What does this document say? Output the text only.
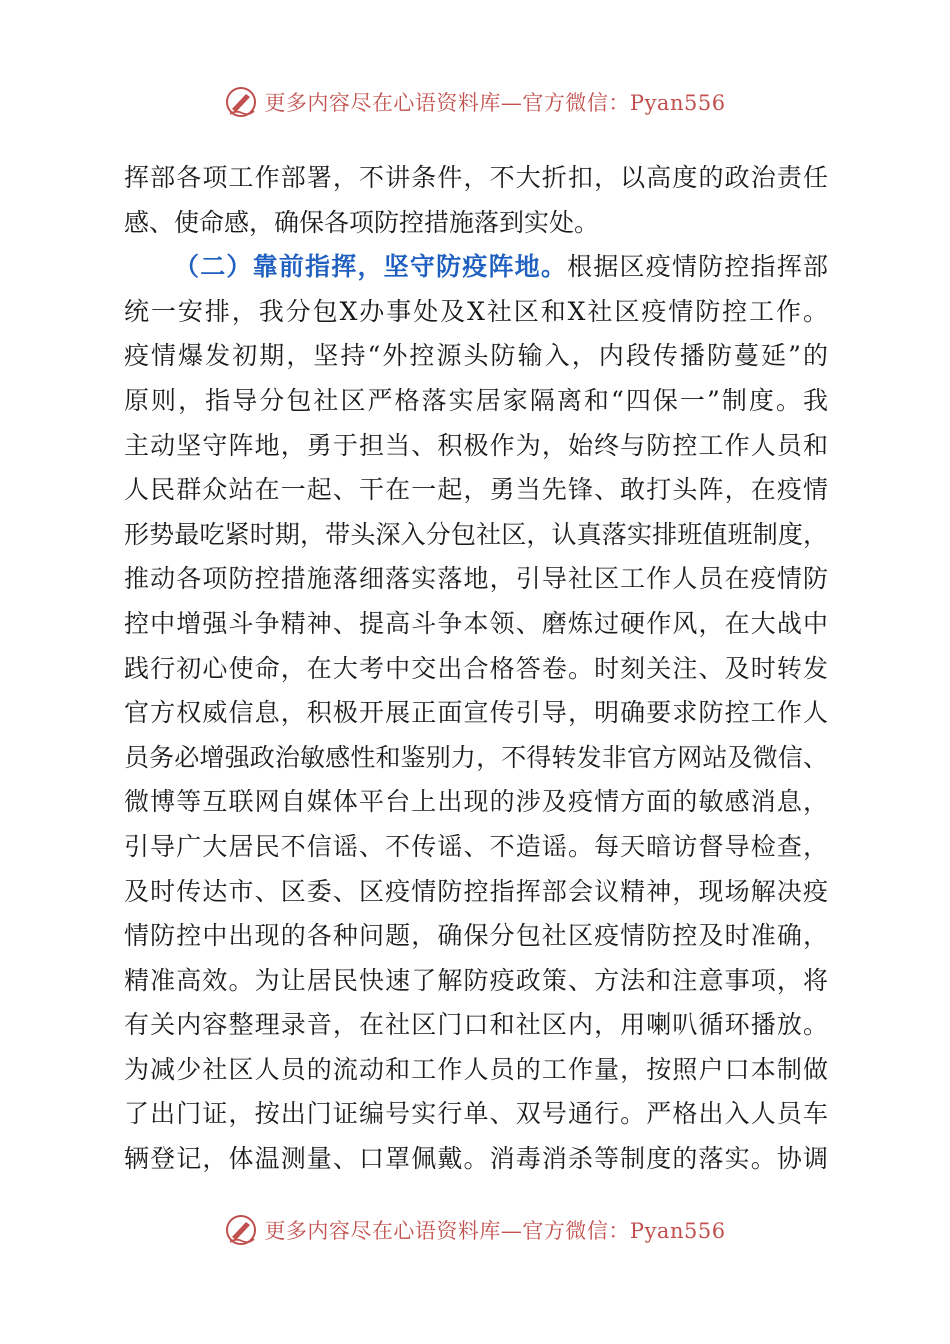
更多内容尽在心语资料库—官方微信：Pyan556
挥部各项工作部署，不讲条件，不大折扣，以高度的政治责任
感、使命感，确保各项防控措施落到实处。
（二）靠前指挥，坚守防疫阵地。根据区疫情防控指挥部
统一安排，我分包X办事处及X社区和X社区疫情防控工作。
疫情爆发初期，坚持“外控源头防输入，内段传播防蔓延”的
原则，指导分包社区严格落实居家隔离和“四保一”制度。我
主动坚守阵地，勇于担当、积极作为，始终与防控工作人员和
人民群众站在一起、干在一起，勇当先锋、敢打头阵，在疫情
形势最吃紧时期，带头深入分包社区，认真落实排班值班制度，
推动各项防控措施落细落实落地，引导社区工作人员在疫情防
控中增强斗争精神、提高斗争本领、磨炼过硬作风，在大战中
践行初心使命，在大考中交出合格答卷。时刻关注、及时转发
官方权威信息，积极开展正面宣传引导，明确要求防控工作人
员务必增强政治敏感性和鉴别力，不得转发非官方网站及微信、
微博等互联网自媒体平台上出现的涉及疫情方面的敏感消息，
引导广大居民不信谣、不传谣、不造谣。每天暗访督导检查，
及时传达市、区委、区疫情防控指挥部会议精神，现场解决疫
情防控中出现的各种问题，确保分包社区疫情防控及时准确，
精准高效。为让居民快速了解防疫政策、方法和注意事项，将
有关内容整理录音，在社区门口和社区内，用喇叭循环播放。
为减少社区人员的流动和工作人员的工作量，按照户口本制做
了出门证，按出门证编号实行单、双号通行。严格出入人员车
辆登记，体温测量、口罩佩戴。消毒消杀等制度的落实。协调
更多内容尽在心语资料库—官方微信：Pyan556
